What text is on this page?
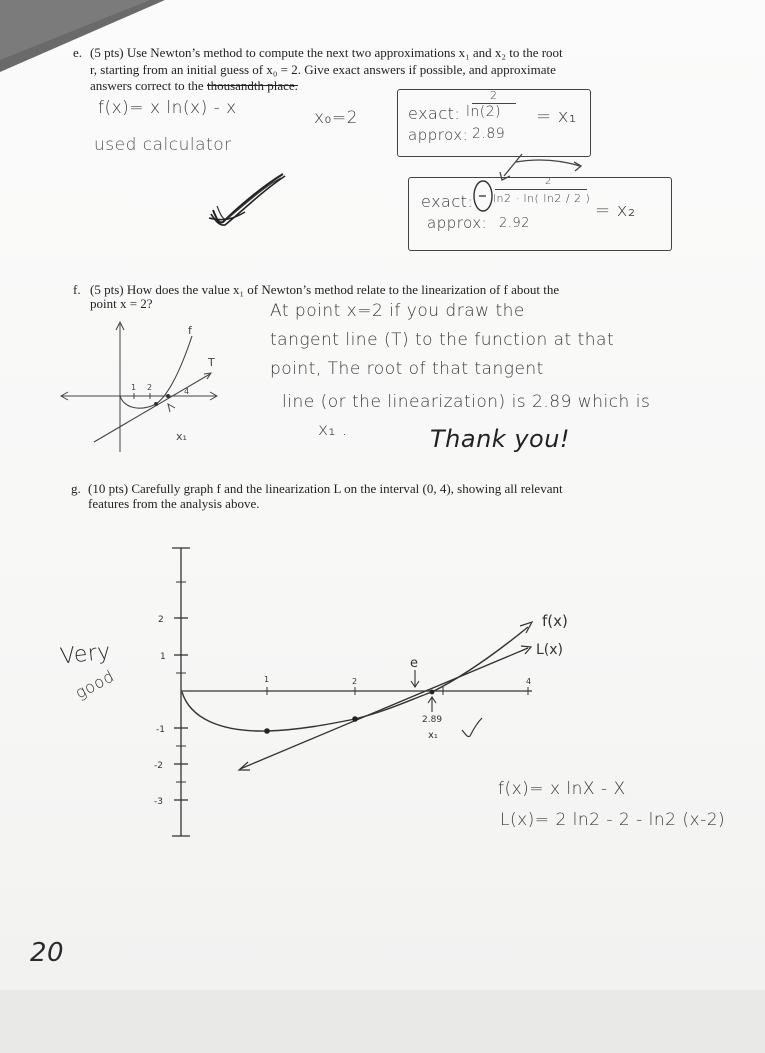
e. (5 pts) Use Newton’s method to compute the next two approximations x₁ and x₂ to the root
r, starting from an initial guess of x₀ = 2. Give exact answers if possible, and approximate
answers correct to the thousandth place.
f(x)= x ln(x) - x
used calculator
x₀=2	exact:
2
ln(2)
approx: 2.89
= x₁
exact:
2
ln2 · ln( ln2 / 2 )
approx: 2.92
= x₂
f. (5 pts) How does the value x₁ of Newton’s method relate to the linearization of f about the
point x = 2?
f
T
x₁
1 2	4
At point x=2 if you draw the
tangent line (T) to the function at that
point, The root of that tangent
line (or the linearization) is 2.89 which is
x₁ .	Thank you!
g. (10 pts) Carefully graph f and the linearization L on the interval (0, 4), showing all relevant
features from the analysis above.
2
1
-1
-2
-3
1	2	4
e
2.89
x₁
f(x)
L(x)
f(x)= x lnX - X
L(x)= 2 ln2 - 2 - ln2 (x-2)
Very
good
20
